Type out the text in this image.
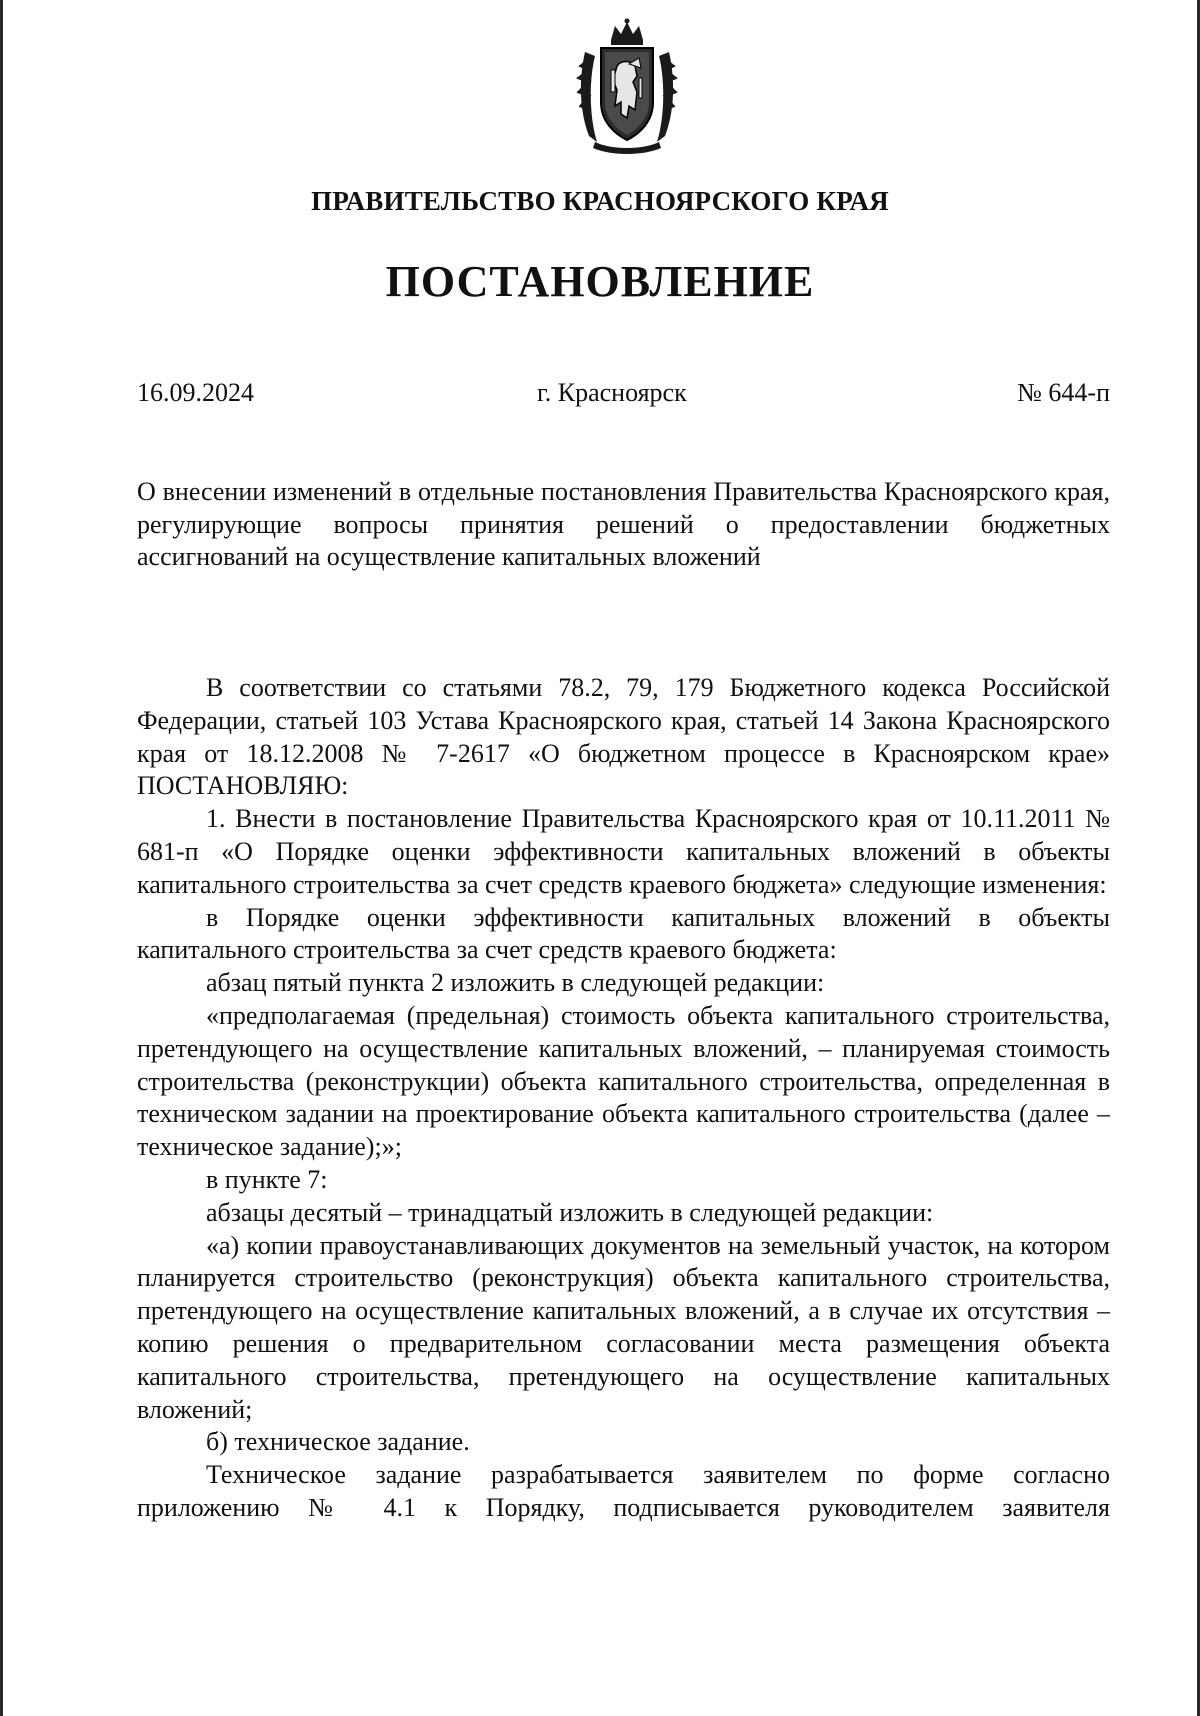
ПРАВИТЕЛЬСТВО КРАСНОЯРСКОГО КРАЯ
ПОСТАНОВЛЕНИЕ
16.09.2024	г. Красноярск	№ 644-п
О внесении изменений в отдельные постановления Правительства Красноярского края, регулирующие вопросы принятия решений о предоставлении бюджетных ассигнований на осуществление капитальных вложений

В соответствии со статьями 78.2, 79, 179 Бюджетного кодекса Российской Федерации, статьей 103 Устава Красноярского края, статьей 14 Закона Красноярского края от 18.12.2008 № 7-2617 «О бюджетном процессе в Красноярском крае» ПОСТАНОВЛЯЮ:

1. Внести в постановление Правительства Красноярского края от 10.11.2011 № 681-п «О Порядке оценки эффективности капитальных вложений в объекты капитального строительства за счет средств краевого бюджета» следующие изменения:

в Порядке оценки эффективности капитальных вложений в объекты капитального строительства за счет средств краевого бюджета:

абзац пятый пункта 2 изложить в следующей редакции:

«предполагаемая (предельная) стоимость объекта капитального строительства, претендующего на осуществление капитальных вложений, – планируемая стоимость строительства (реконструкции) объекта капитального строительства, определенная в техническом задании на проектирование объекта капитального строительства (далее – техническое задание);»;

в пункте 7:

абзацы десятый – тринадцатый изложить в следующей редакции:

«а) копии правоустанавливающих документов на земельный участок, на котором планируется строительство (реконструкция) объекта капитального строительства, претендующего на осуществление капитальных вложений, а в случае их отсутствия – копию решения о предварительном согласовании места размещения объекта капитального строительства, претендующего на осуществление капитальных вложений;

б) техническое задание.

Техническое задание разрабатывается заявителем по форме согласно приложению № 4.1 к Порядку, подписывается руководителем заявителя
